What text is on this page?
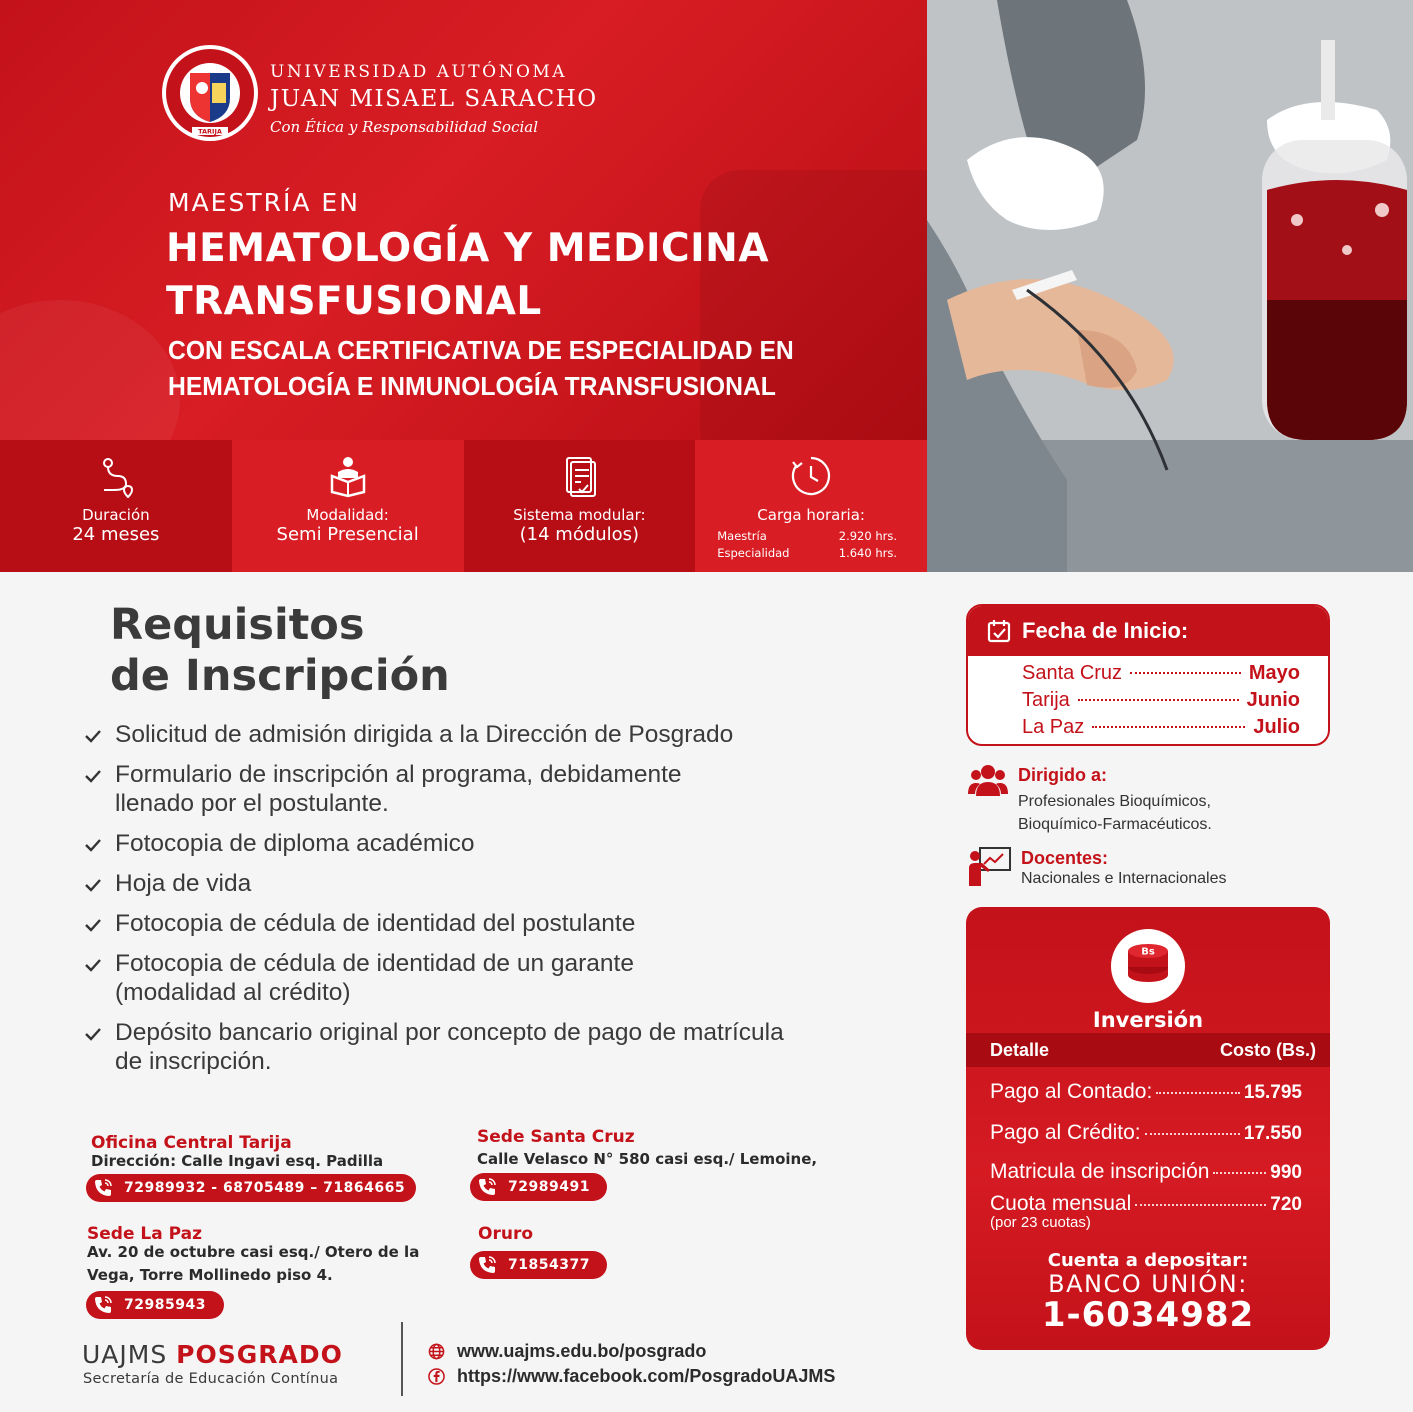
TARIJA
UNIVERSIDAD AUTÓNOMA
JUAN MISAEL SARACHO
Con Ética y Responsabilidad Social
MAESTRÍA EN
HEMATOLOGÍA Y MEDICINA
TRANSFUSIONAL
CON ESCALA CERTIFICATIVA DE ESPECIALIDAD EN
HEMATOLOGÍA E INMUNOLOGÍA TRANSFUSIONAL
Duración
24 meses
Modalidad:
Semi Presencial
Sistema modular:
(14 módulos)
Carga horaria:
Maestría	2.920 hrs.
Especialidad	1.640 hrs.
Requisitos
de Inscripción
Solicitud de admisión dirigida a la Dirección de Posgrado
Formulario de inscripción al programa, debidamente
llenado por el postulante.
Fotocopia de diploma académico
Hoja de vida
Fotocopia de cédula de identidad del postulante
Fotocopia de cédula de identidad de un garante
(modalidad al crédito)
Depósito bancario original por concepto de pago de matrícula
de inscripción.
Oficina Central Tarija
Dirección: Calle Ingavi esq. Padilla
72989932 - 68705489 – 71864665
Sede Santa Cruz
Calle Velasco N° 580 casi esq./ Lemoine,
72989491
Sede La Paz
Av. 20 de octubre casi esq./ Otero de la
Vega, Torre Mollinedo piso 4.
72985943
Oruro
71854377
UAJMS POSGRADO
Secretaría de Educación Contínua
www.uajms.edu.bo/posgrado
https://www.facebook.com/PosgradoUAJMS
Fecha de Inicio:
Santa Cruz	Mayo
Tarija	Junio
La Paz	Julio
Dirigido a:
Profesionales Bioquímicos,
Bioquímico-Farmacéuticos.
Docentes:
Nacionales e Internacionales
Bs
Inversión
Detalle	Costo (Bs.)
Pago al Contado:	15.795
Pago al Crédito:	17.550
Matricula de inscripción	990
Cuota mensual	720
(por 23 cuotas)
Cuenta a depositar:
BANCO UNIÓN:
1-6034982
